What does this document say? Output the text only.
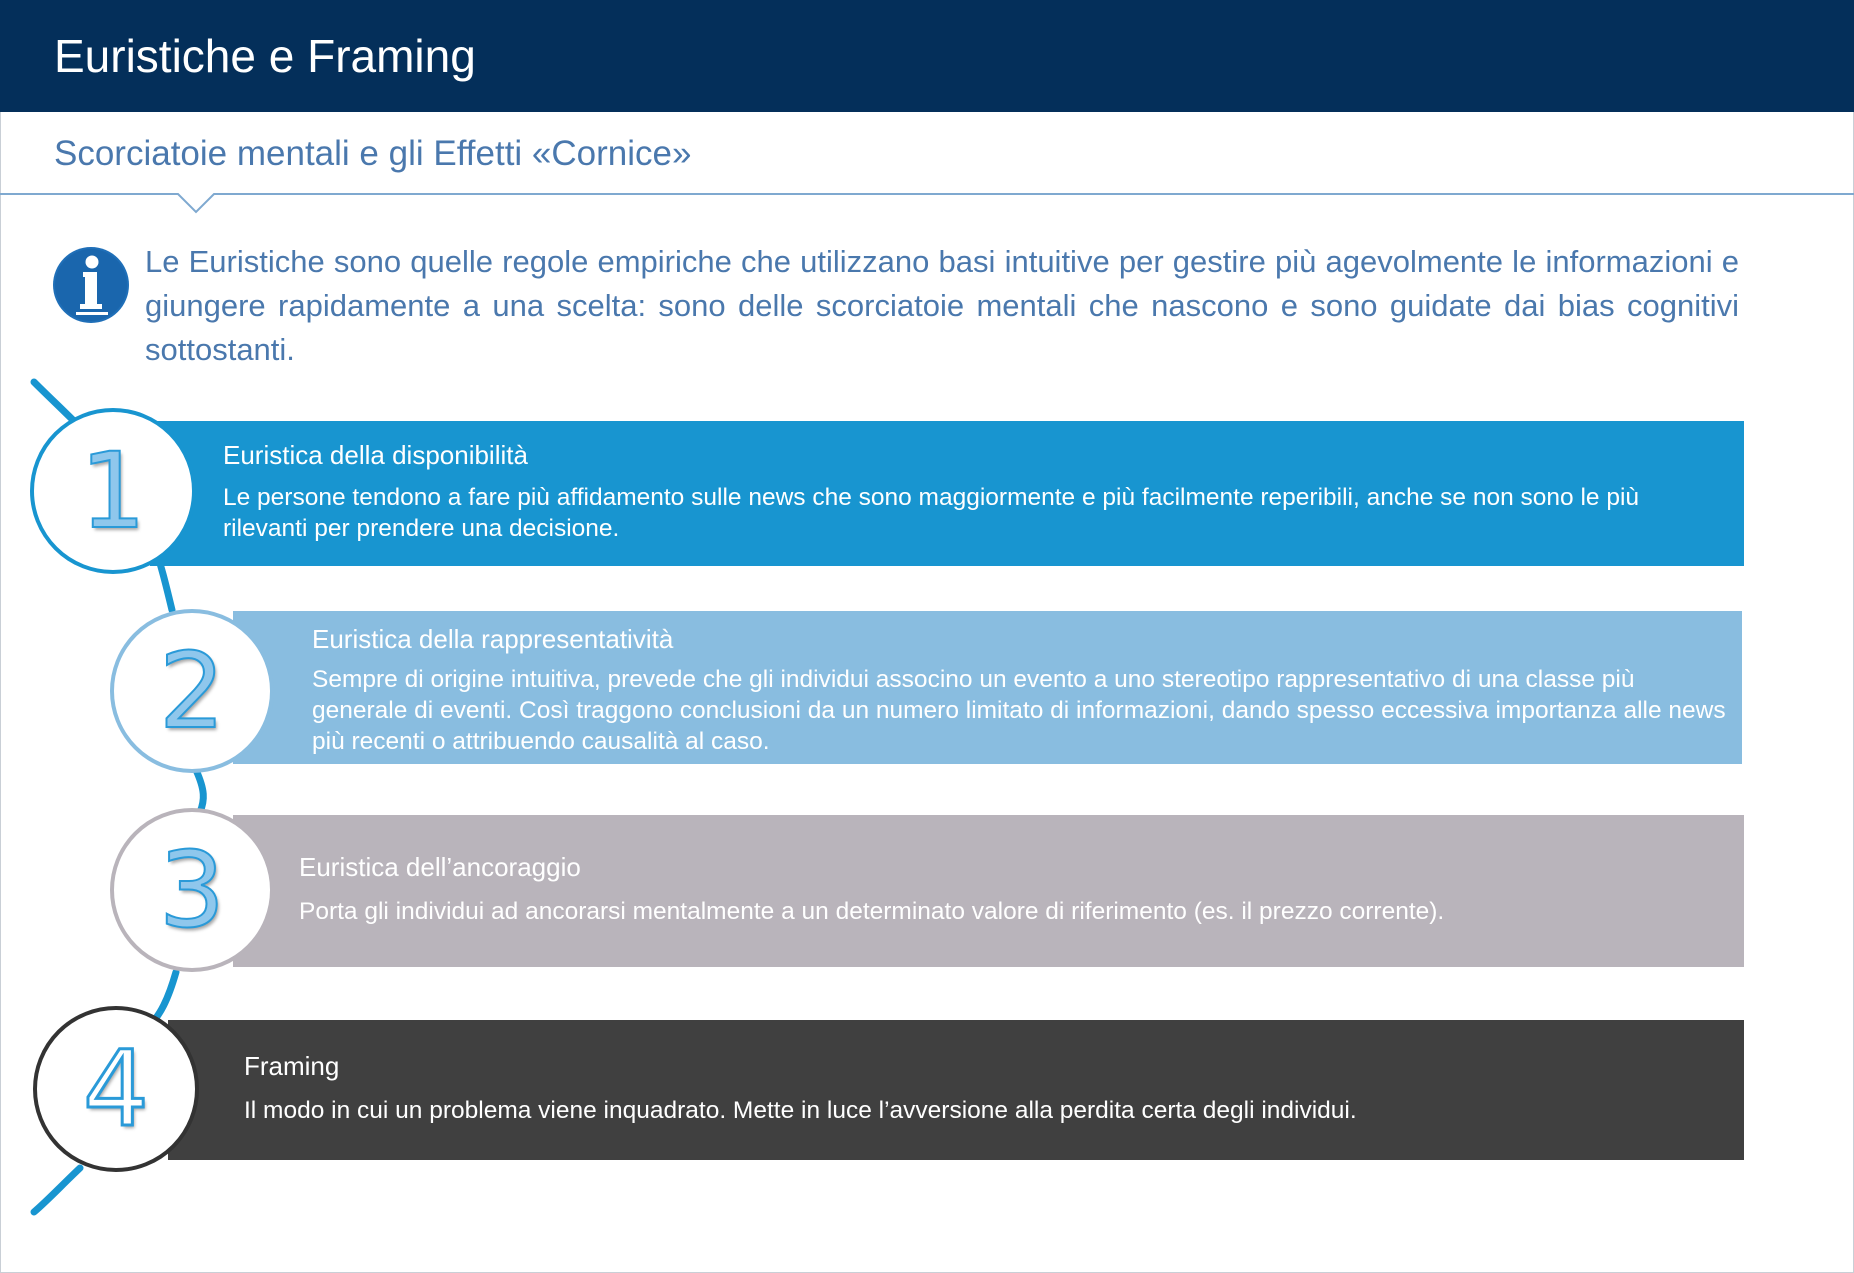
Euristiche e Framing
Scorciatoie mentali e gli Effetti «Cornice»
Le Euristiche sono quelle regole empiriche che utilizzano basi intuitive per gestire più agevolmente le informazioni e giungere rapidamente a una scelta: sono delle scorciatoie mentali che nascono e sono guidate dai bias cognitivi sottostanti.
Euristica della disponibilità
Le persone tendono a fare più affidamento sulle news che sono maggiormente e più facilmente reperibili, anche se non sono le più rilevanti per prendere una decisione.
1
Euristica della rappresentatività
Sempre di origine intuitiva, prevede che gli individui associno un evento a uno stereotipo rappresentativo di una classe più generale di eventi. Così traggono conclusioni da un numero limitato di informazioni, dando spesso eccessiva importanza alle news più recenti o attribuendo causalità al caso.
2
Euristica dell’ancoraggio
Porta gli individui ad ancorarsi mentalmente a un determinato valore di riferimento (es. il prezzo corrente).
3
Framing
Il modo in cui un problema viene inquadrato. Mette in luce l’avversione alla perdita certa degli individui.
4
